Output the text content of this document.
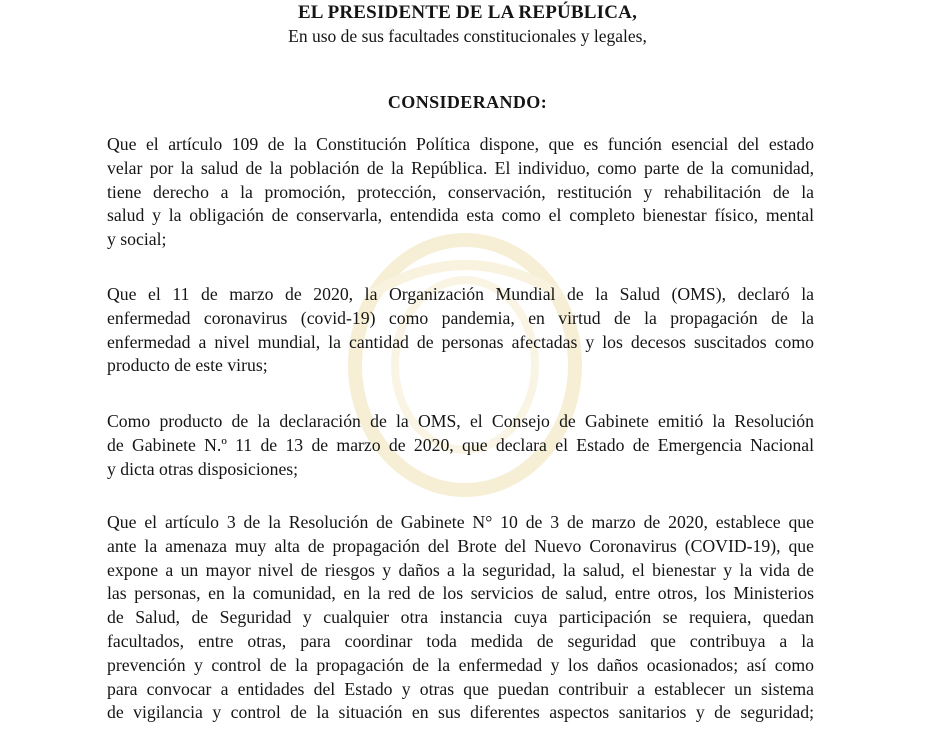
EL PRESIDENTE DE LA REPÚBLICA,
En uso de sus facultades constitucionales y legales,
CONSIDERANDO:
Que el artículo 109 de la Constitución Política dispone, que es función esencial del estado
velar por la salud de la población de la República. El individuo, como parte de la comunidad,
tiene derecho a la promoción, protección, conservación, restitución y rehabilitación de la
salud y la obligación de conservarla, entendida esta como el completo bienestar físico, mental
y social;
Que el 11 de marzo de 2020, la Organización Mundial de la Salud (OMS), declaró la
enfermedad coronavirus (covid-19) como pandemia, en virtud de la propagación de la
enfermedad a nivel mundial, la cantidad de personas afectadas y los decesos suscitados como
producto de este virus;
Como producto de la declaración de la OMS, el Consejo de Gabinete emitió la Resolución
de Gabinete N.º 11 de 13 de marzo de 2020, que declara el Estado de Emergencia Nacional
y dicta otras disposiciones;
Que el artículo 3 de la Resolución de Gabinete N° 10 de 3 de marzo de 2020, establece que
ante la amenaza muy alta de propagación del Brote del Nuevo Coronavirus (COVID-19), que
expone a un mayor nivel de riesgos y daños a la seguridad, la salud, el bienestar y la vida de
las personas, en la comunidad, en la red de los servicios de salud, entre otros, los Ministerios
de Salud, de Seguridad y cualquier otra instancia cuya participación se requiera, quedan
facultados, entre otras, para coordinar toda medida de seguridad que contribuya a la
prevención y control de la propagación de la enfermedad y los daños ocasionados; así como
para convocar a entidades del Estado y otras que puedan contribuir a establecer un sistema
de vigilancia y control de la situación en sus diferentes aspectos sanitarios y de seguridad;
